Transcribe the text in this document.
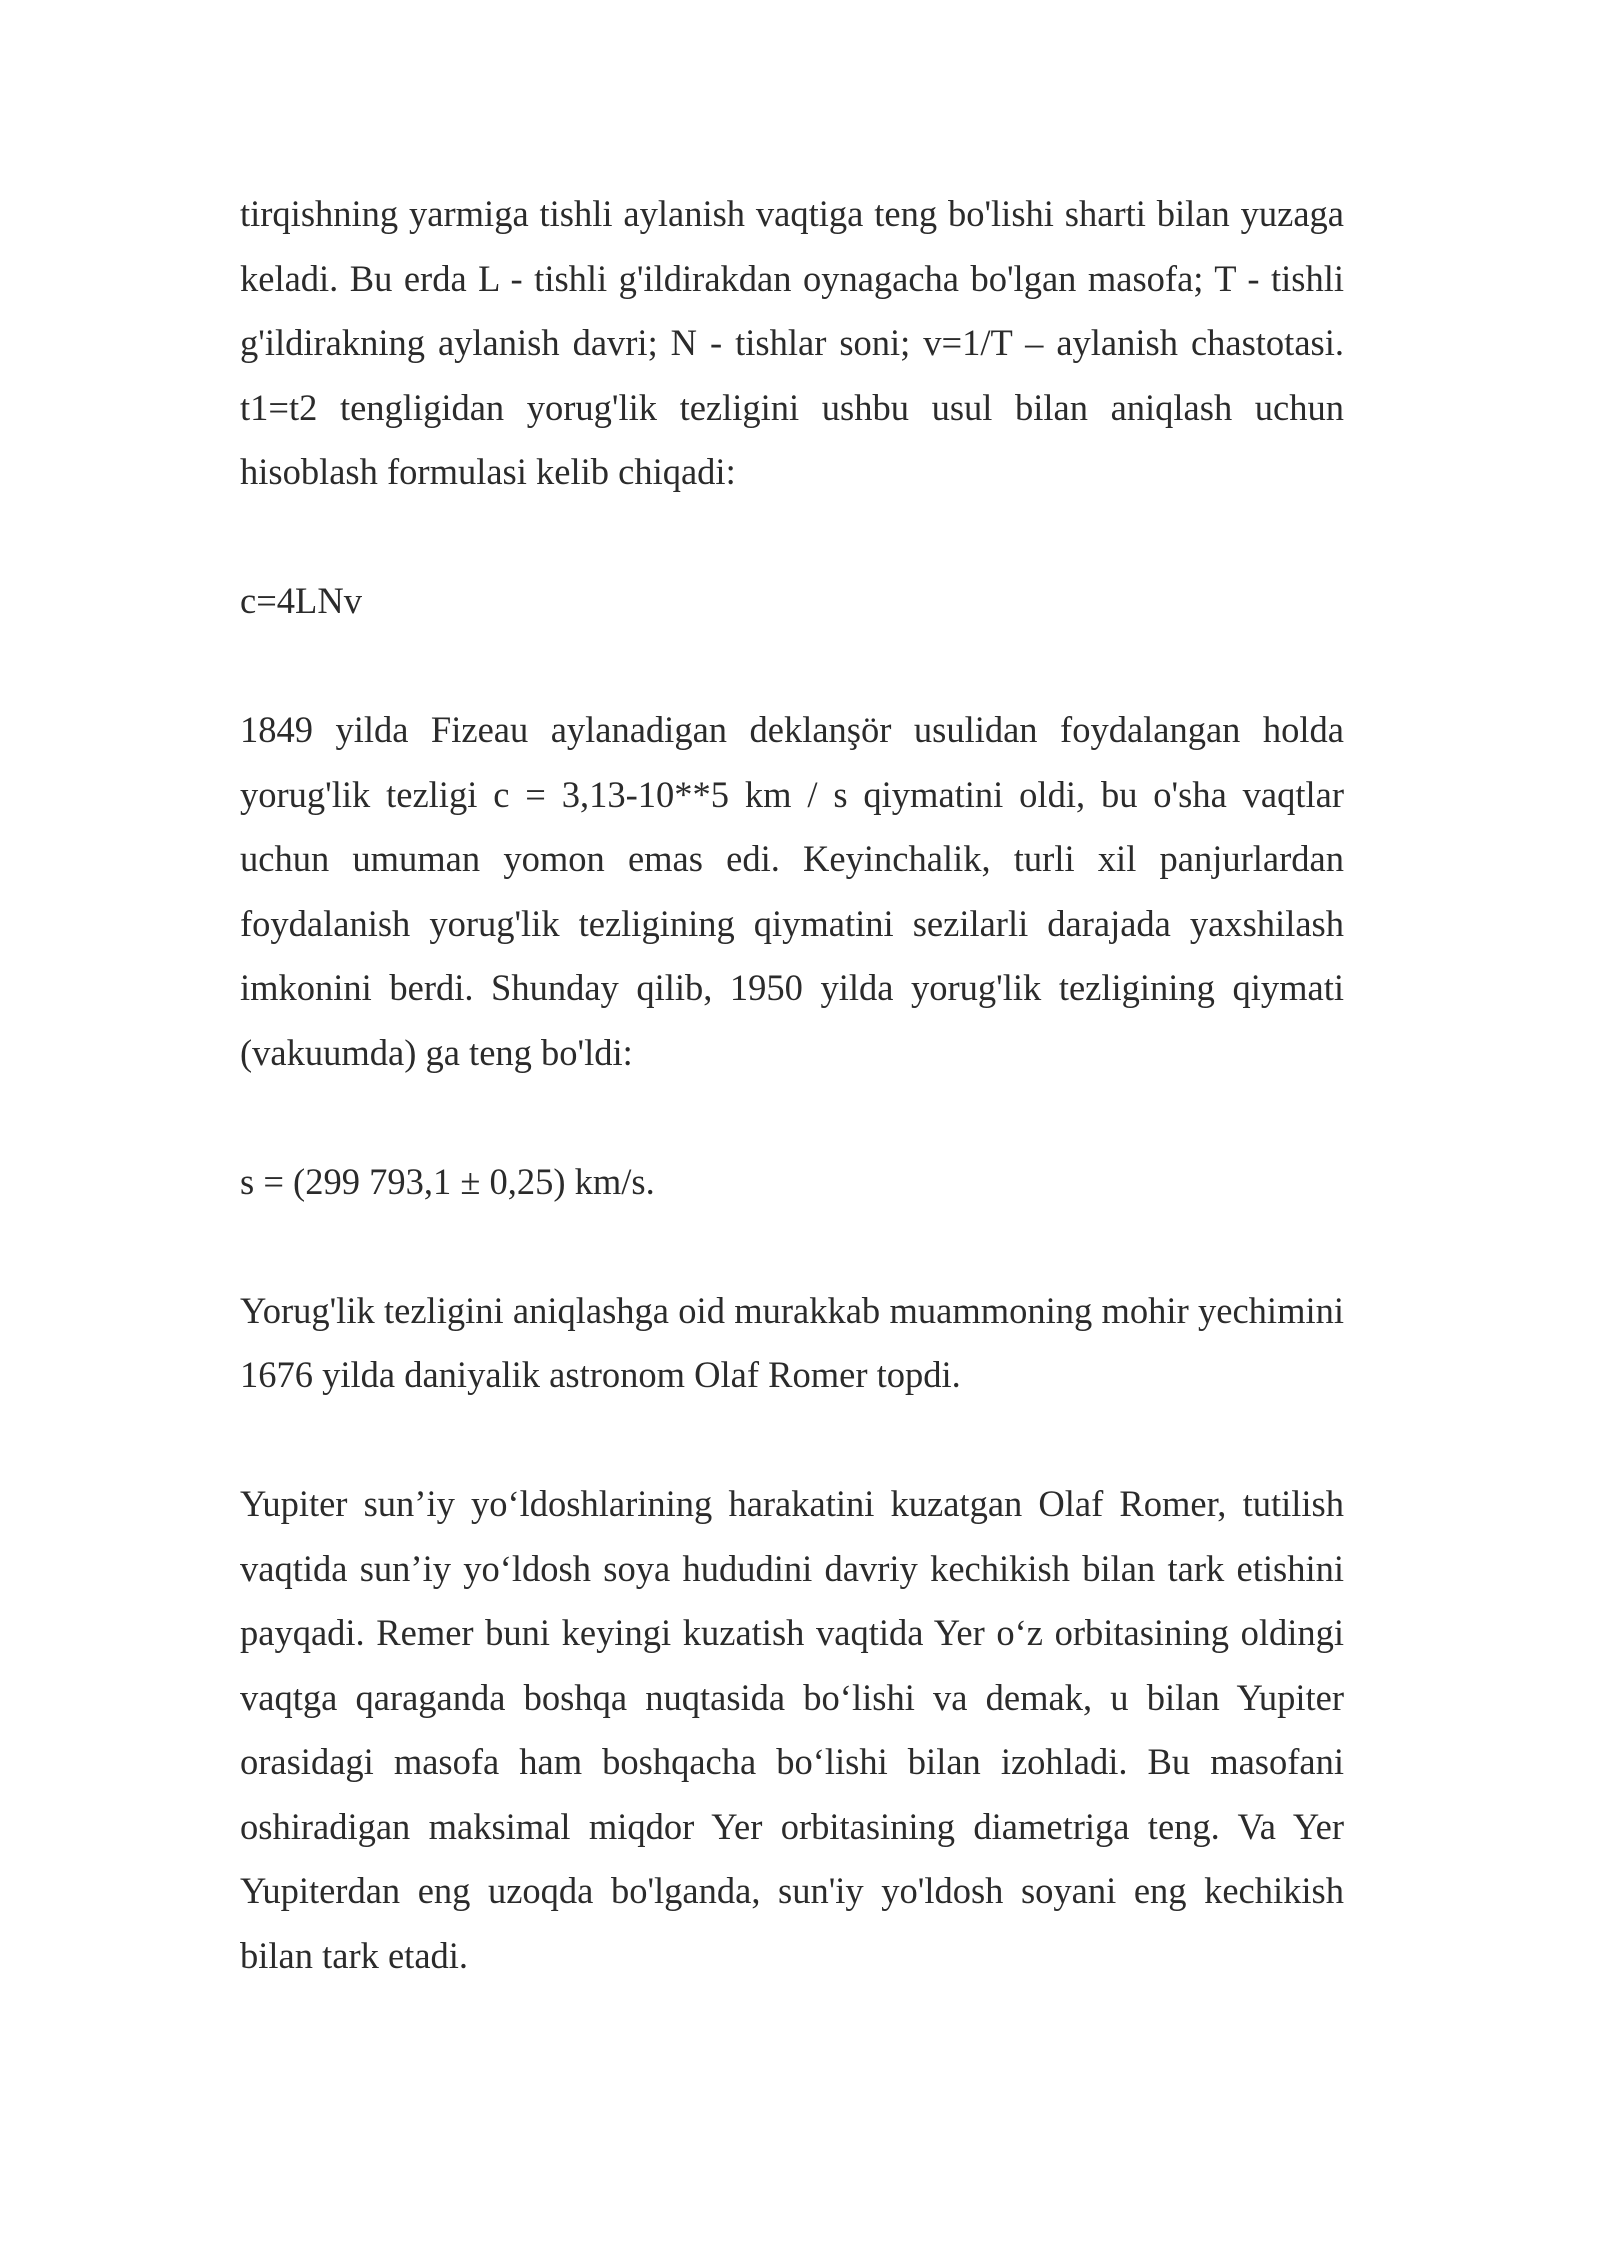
tirqishning yarmiga tishli aylanish vaqtiga teng bo'lishi sharti bilan yuzaga keladi. Bu erda L - tishli g'ildirakdan oynagacha bo'lgan masofa; T - tishli g'ildirakning aylanish davri; N - tishlar soni; v=1/T – aylanish chastotasi. t1=t2 tengligidan yorug'lik tezligini ushbu usul bilan aniqlash uchun hisoblash formulasi kelib chiqadi:

c=4LNv

1849 yilda Fizeau aylanadigan deklanşör usulidan foydalangan holda yorug'lik tezligi c = 3,13-10**5 km / s qiymatini oldi, bu o'sha vaqtlar uchun umuman yomon emas edi. Keyinchalik, turli xil panjurlardan foydalanish yorug'lik tezligining qiymatini sezilarli darajada yaxshilash imkonini berdi. Shunday qilib, 1950 yilda yorug'lik tezligining qiymati (vakuumda) ga teng bo'ldi:

s = (299 793,1 ± 0,25) km/s.

Yorug'lik tezligini aniqlashga oid murakkab muammoning mohir yechimini 1676 yilda daniyalik astronom Olaf Romer topdi.

Yupiter sun’iy yo‘ldoshlarining harakatini kuzatgan Olaf Romer, tutilish vaqtida sun’iy yo‘ldosh soya hududini davriy kechikish bilan tark etishini payqadi. Remer buni keyingi kuzatish vaqtida Yer o‘z orbitasining oldingi vaqtga qaraganda boshqa nuqtasida bo‘lishi va demak, u bilan Yupiter orasidagi masofa ham boshqacha bo‘lishi bilan izohladi. Bu masofani oshiradigan maksimal miqdor Yer orbitasining diametriga teng. Va Yer Yupiterdan eng uzoqda bo'lganda, sun'iy yo'ldosh soyani eng kechikish bilan tark etadi.
